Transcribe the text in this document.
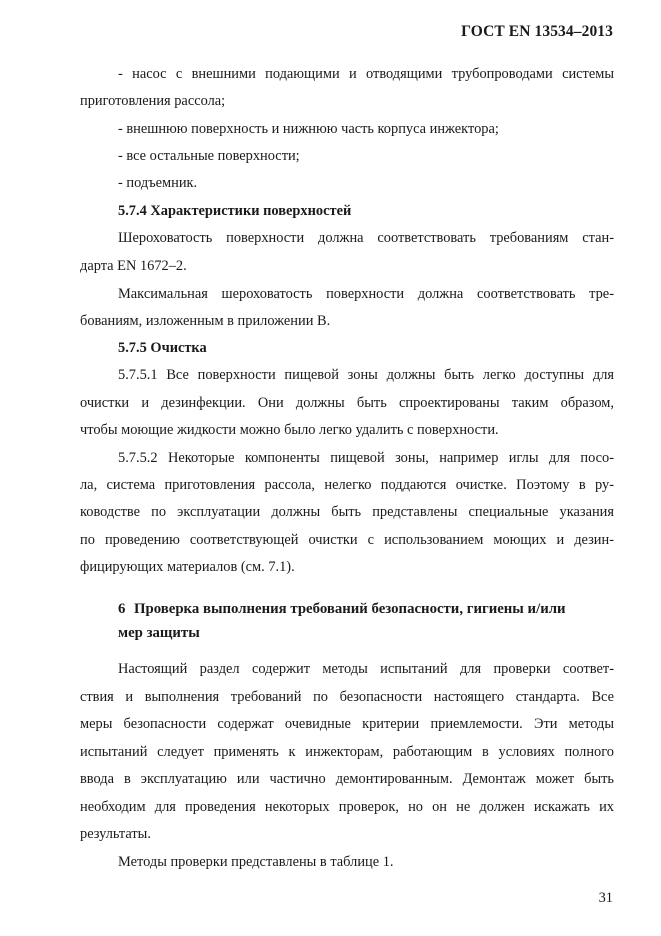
ГОСТ EN 13534–2013
- насос с внешними подающими и отводящими трубопроводами системы
приготовления рассола;
- внешнюю поверхность и нижнюю часть корпуса инжектора;
- все остальные поверхности;
- подъемник.
5.7.4 Характеристики поверхностей
Шероховатость поверхности должна соответствовать требованиям стан-
дарта EN 1672–2.
Максимальная шероховатость поверхности должна соответствовать тре-
бованиям, изложенным в приложении В.
5.7.5 Очистка
5.7.5.1 Все поверхности пищевой зоны должны быть легко доступны для
очистки и дезинфекции. Они должны быть спроектированы таким образом,
чтобы моющие жидкости можно было легко удалить с поверхности.
5.7.5.2 Некоторые компоненты пищевой зоны, например иглы для посо-
ла, система приготовления рассола, нелегко поддаются очистке. Поэтому в ру-
ководстве по эксплуатации должны быть представлены специальные указания
по проведению соответствующей очистки с использованием моющих и дезин-
фицирующих материалов (см. 7.1).
Настоящий раздел содержит методы испытаний для проверки соответ-
ствия и выполнения требований по безопасности настоящего стандарта. Все
меры безопасности содержат очевидные критерии приемлемости. Эти методы
испытаний следует применять к инжекторам, работающим в условиях полного
ввода в эксплуатацию или частично демонтированным. Демонтаж может быть
необходим для проведения некоторых проверок, но он не должен искажать их
результаты.
Методы проверки представлены в таблице 1.
6 Проверка выполнения требований безопасности, гигиены и/или
мер защиты
31
